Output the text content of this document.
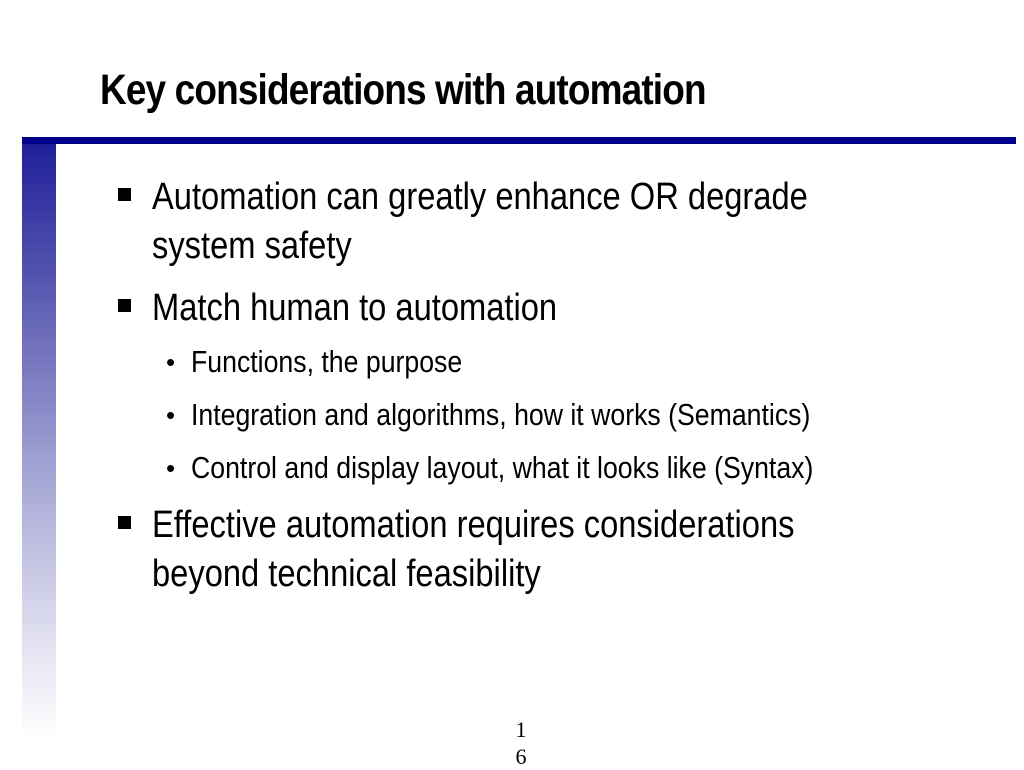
Key considerations with automation
Automation can greatly enhance OR degrade
system safety
Match human to automation
• Functions, the purpose
• Integration and algorithms, how it works (Semantics)
• Control and display layout, what it looks like (Syntax)
Effective automation requires considerations
beyond technical feasibility
16
